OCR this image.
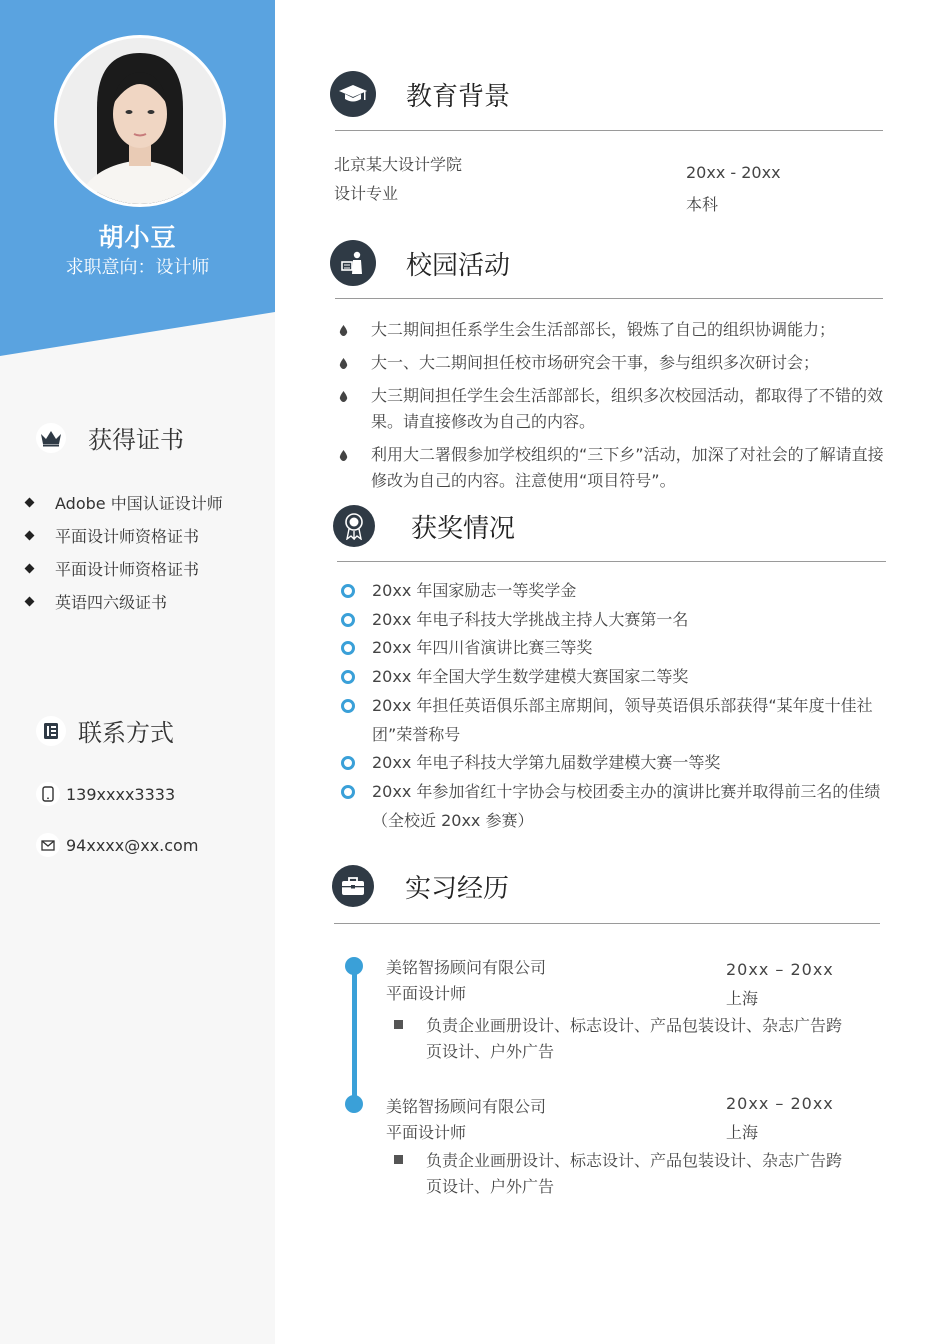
胡小豆
求职意向：设计师
获得证书
Adobe 中国认证设计师
平面设计师资格证书
平面设计师资格证书
英语四六级证书
联系方式
139xxxx3333
94xxxx@xx.com
教育背景
北京某大设计学院
设计专业
20xx - 20xx
本科
校园活动
大二期间担任系学生会生活部部长，锻炼了自己的组织协调能力；
大一、大二期间担任校市场研究会干事，参与组织多次研讨会；
大三期间担任学生会生活部部长，组织多次校园活动，都取得了不错的效果。请直接修改为自己的内容。
利用大二署假参加学校组织的“三下乡”活动，加深了对社会的了解请直接修改为自己的内容。注意使用“项目符号”。
获奖情况
20xx 年国家励志一等奖学金
20xx 年电子科技大学挑战主持人大赛第一名
20xx 年四川省演讲比赛三等奖
20xx 年全国大学生数学建模大赛国家二等奖
20xx 年担任英语俱乐部主席期间，领导英语俱乐部获得“某年度十佳社团”荣誉称号
20xx 年电子科技大学第九届数学建模大赛一等奖
20xx 年参加省红十字协会与校团委主办的演讲比赛并取得前三名的佳绩（全校近 20xx 参赛）
实习经历
美铭智扬顾问有限公司
平面设计师
20xx – 20xx
上海
负责企业画册设计、标志设计、产品包装设计、杂志广告跨页设计、户外广告
美铭智扬顾问有限公司
平面设计师
20xx – 20xx
上海
负责企业画册设计、标志设计、产品包装设计、杂志广告跨页设计、户外广告
